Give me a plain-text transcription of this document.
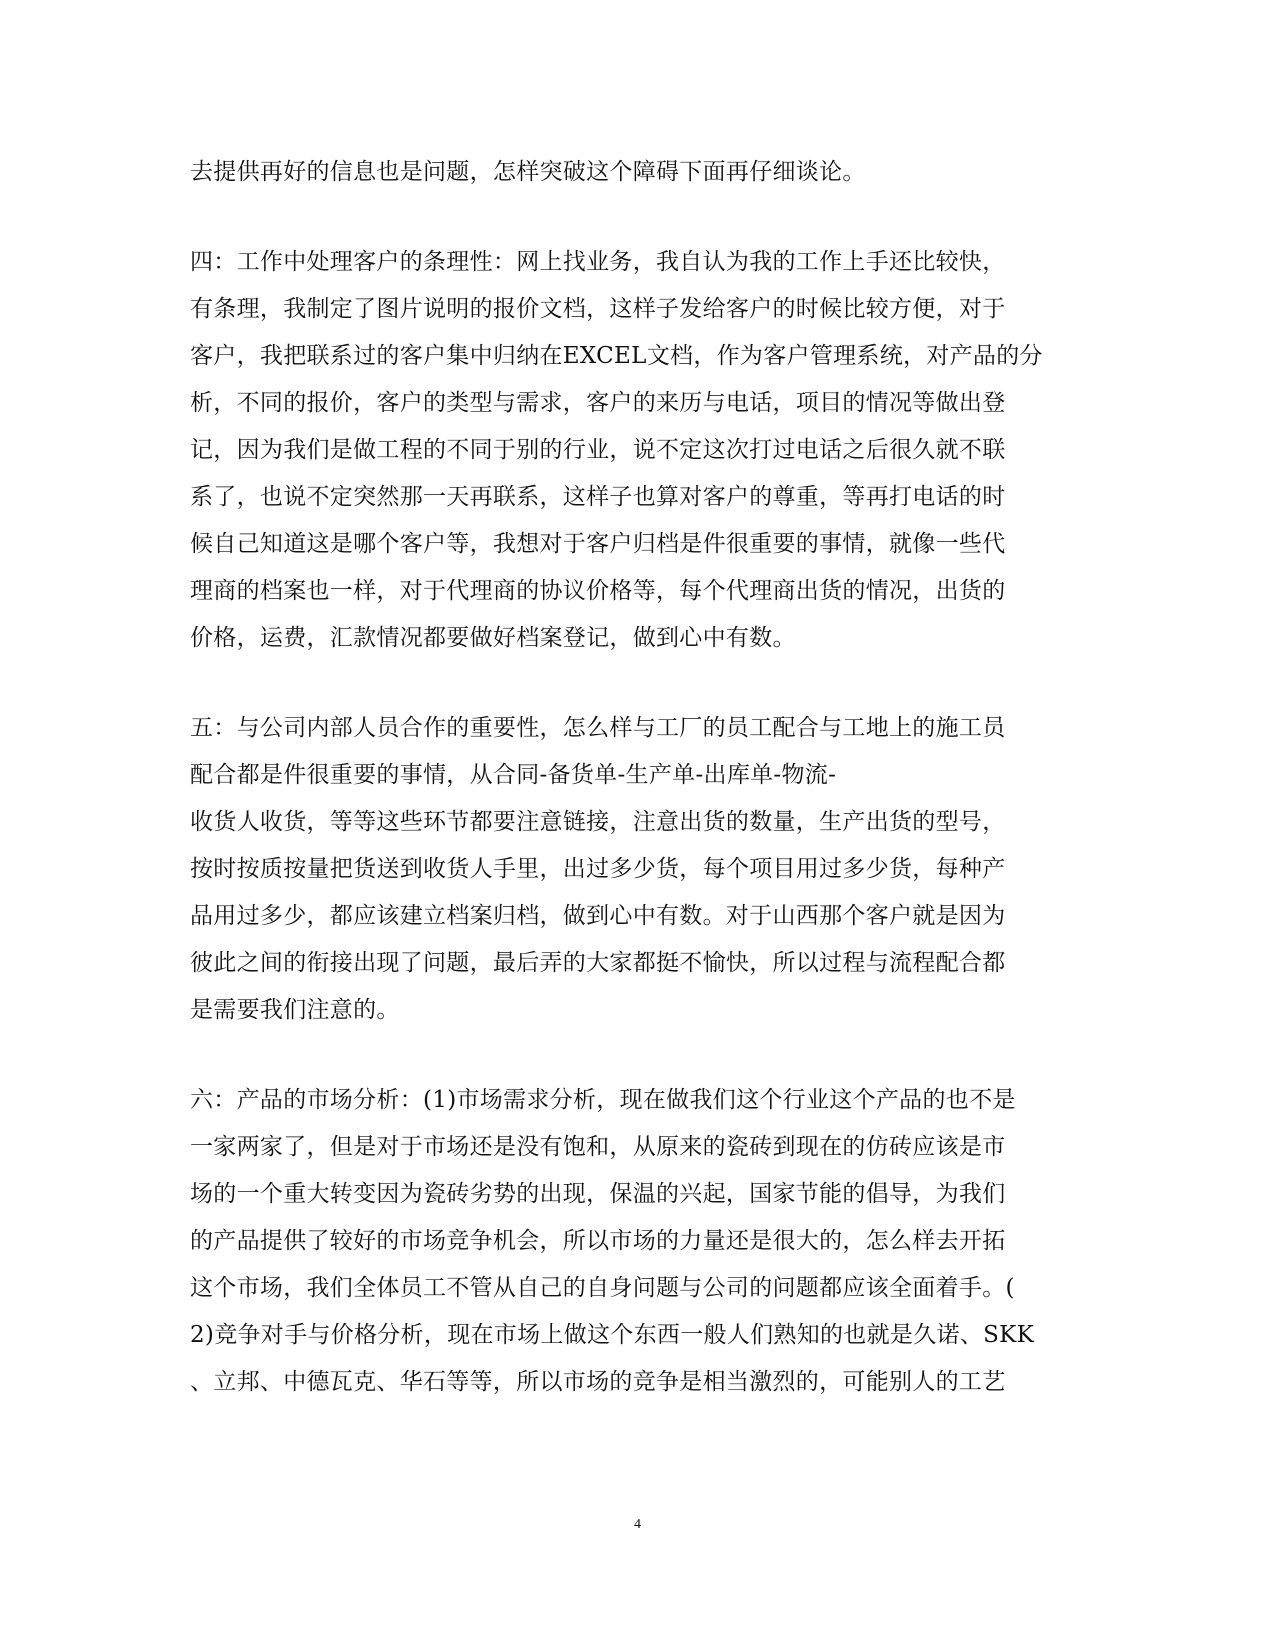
去提供再好的信息也是问题，怎样突破这个障碍下面再仔细谈论。
四：工作中处理客户的条理性：网上找业务，我自认为我的工作上手还比较快，
有条理，我制定了图片说明的报价文档，这样子发给客户的时候比较方便，对于
客户，我把联系过的客户集中归纳在EXCEL文档，作为客户管理系统，对产品的分
析，不同的报价，客户的类型与需求，客户的来历与电话，项目的情况等做出登
记，因为我们是做工程的不同于别的行业，说不定这次打过电话之后很久就不联
系了，也说不定突然那一天再联系，这样子也算对客户的尊重，等再打电话的时
候自己知道这是哪个客户等，我想对于客户归档是件很重要的事情，就像一些代
理商的档案也一样，对于代理商的协议价格等，每个代理商出货的情况，出货的
价格，运费，汇款情况都要做好档案登记，做到心中有数。
五：与公司内部人员合作的重要性，怎么样与工厂的员工配合与工地上的施工员
配合都是件很重要的事情，从合同-备货单-生产单-出库单-物流-
收货人收货，等等这些环节都要注意链接，注意出货的数量，生产出货的型号，
按时按质按量把货送到收货人手里，出过多少货，每个项目用过多少货，每种产
品用过多少，都应该建立档案归档，做到心中有数。对于山西那个客户就是因为
彼此之间的衔接出现了问题，最后弄的大家都挺不愉快，所以过程与流程配合都
是需要我们注意的。
六：产品的市场分析：(1)市场需求分析，现在做我们这个行业这个产品的也不是
一家两家了，但是对于市场还是没有饱和，从原来的瓷砖到现在的仿砖应该是市
场的一个重大转变因为瓷砖劣势的出现，保温的兴起，国家节能的倡导，为我们
的产品提供了较好的市场竞争机会，所以市场的力量还是很大的，怎么样去开拓
这个市场，我们全体员工不管从自己的自身问题与公司的问题都应该全面着手。(
2)竞争对手与价格分析，现在市场上做这个东西一般人们熟知的也就是久诺、SKK
、立邦、中德瓦克、华石等等，所以市场的竞争是相当激烈的，可能别人的工艺
4
